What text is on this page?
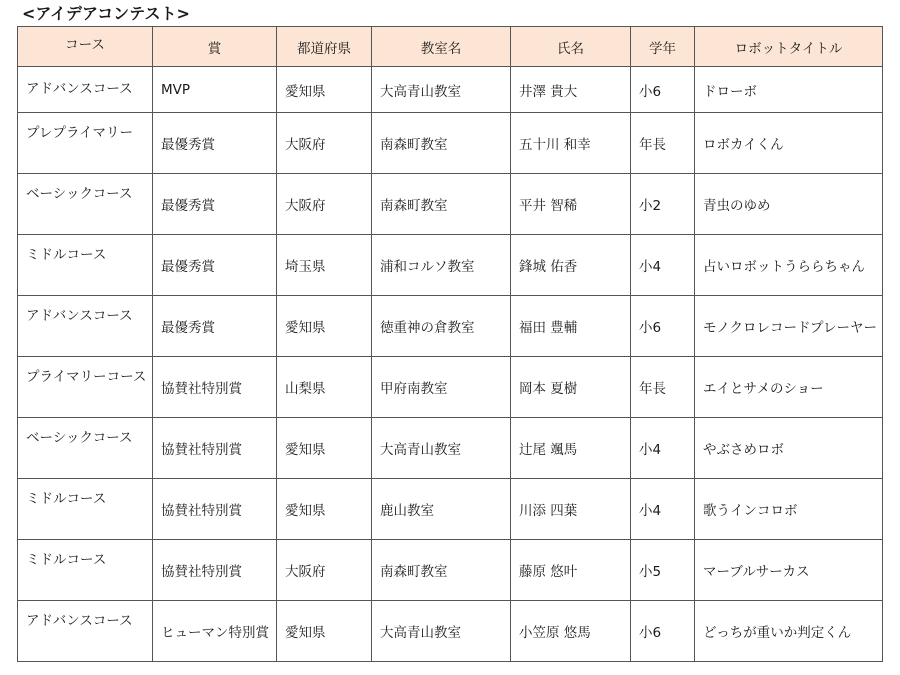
<アイデアコンテスト>
コース	賞	都道府県	教室名	氏名	学年	ロボットタイトル
アドバンスコース	MVP	愛知県	大高青山教室	井澤 貴大	小6	ドローボ
プレプライマリー	最優秀賞	大阪府	南森町教室	五十川 和幸	年長	ロボカイくん
ベーシックコース	最優秀賞	大阪府	南森町教室	平井 智稀	小2	青虫のゆめ
ミドルコース	最優秀賞	埼玉県	浦和コルソ教室	鋒城 佑香	小4	占いロボットうららちゃん
アドバンスコース	最優秀賞	愛知県	徳重神の倉教室	福田 豊輔	小6	モノクロレコードプレーヤー
プライマリーコース	協賛社特別賞	山梨県	甲府南教室	岡本 夏樹	年長	エイとサメのショー
ベーシックコース	協賛社特別賞	愛知県	大高青山教室	辻尾 颯馬	小4	やぶさめロボ
ミドルコース	協賛社特別賞	愛知県	鹿山教室	川添 四葉	小4	歌うインコロボ
ミドルコース	協賛社特別賞	大阪府	南森町教室	藤原 悠叶	小5	マーブルサーカス
アドバンスコース	ヒューマン特別賞	愛知県	大高青山教室	小笠原 悠馬	小6	どっちが重いか判定くん
